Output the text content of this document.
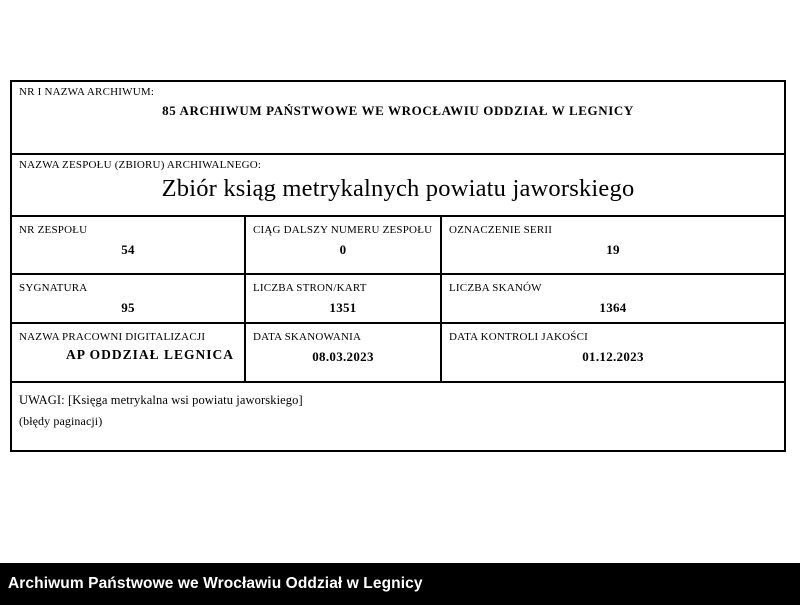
NR I NAZWA ARCHIWUM:
85 ARCHIWUM PAŃSTWOWE WE WROCŁAWIU ODDZIAŁ W LEGNICY
NAZWA ZESPOŁU (ZBIORU) ARCHIWALNEGO:
Zbiór ksiąg metrykalnych powiatu jaworskiego
NR ZESPOŁU
54
CIĄG DALSZY NUMERU ZESPOŁU
0
OZNACZENIE SERII
19
SYGNATURA
95
LICZBA STRON/KART
1351
LICZBA SKANÓW
1364
NAZWA PRACOWNI DIGITALIZACJI
AP ODDZIAŁ LEGNICA
DATA SKANOWANIA
08.03.2023
DATA KONTROLI JAKOŚCI
01.12.2023
UWAGI: [Księga metrykalna wsi powiatu jaworskiego]
(błędy paginacji)
Archiwum Państwowe we Wrocławiu Oddział w Legnicy
